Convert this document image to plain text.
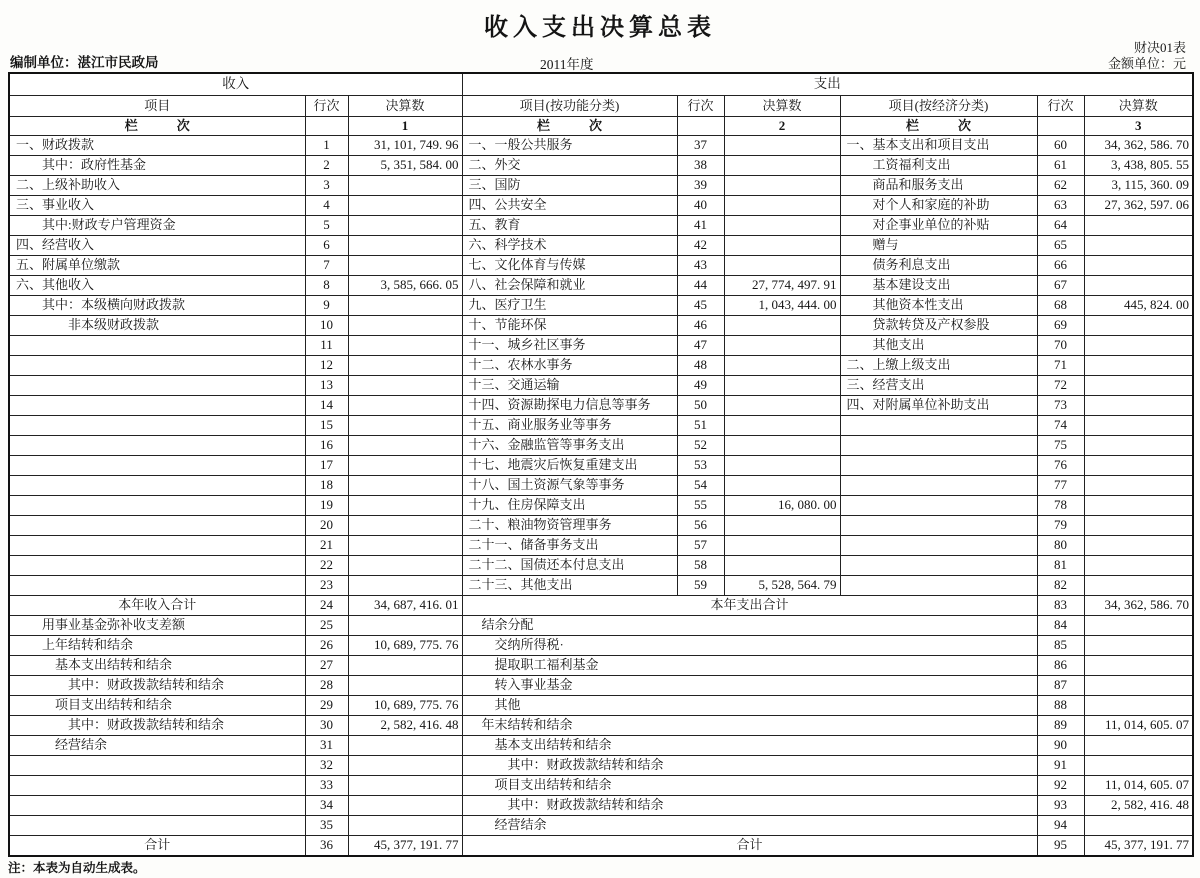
收入支出决算总表
财决01表
金额单位：元
编制单位：湛江市民政局	2011年度
收入			支出					
项目	行次	决算数	项目(按功能分类)	行次	决算数	项目(按经济分类)	行次	决算数
栏　　　次		1	栏　　　次		2	栏　　　次		3
一、财政拨款	1	31, 101, 749. 96	一、一般公共服务	37		一、基本支出和项目支出	60	34, 362, 586. 70
其中：政府性基金	2	5, 351, 584. 00	二、外交	38		工资福利支出	61	3, 438, 805. 55
二、上级补助收入	3		三、国防	39		商品和服务支出	62	3, 115, 360. 09
三、事业收入	4		四、公共安全	40		对个人和家庭的补助	63	27, 362, 597. 06
其中:财政专户管理资金	5		五、教育	41		对企事业单位的补贴	64	
四、经营收入	6		六、科学技术	42		赠与	65	
五、附属单位缴款	7		七、文化体育与传媒	43		债务利息支出	66	
六、其他收入	8	3, 585, 666. 05	八、社会保障和就业	44	27, 774, 497. 91	基本建设支出	67	
其中：本级横向财政拨款	9		九、医疗卫生	45	1, 043, 444. 00	其他资本性支出	68	445, 824. 00
非本级财政拨款	10		十、节能环保	46		贷款转贷及产权参股	69	
	11		十一、城乡社区事务	47		其他支出	70	
	12		十二、农林水事务	48		二、上缴上级支出	71	
	13		十三、交通运输	49		三、经营支出	72	
	14		十四、资源勘探电力信息等事务	50		四、对附属单位补助支出	73	
	15		十五、商业服务业等事务	51			74	
	16		十六、金融监管等事务支出	52			75	
	17		十七、地震灾后恢复重建支出	53			76	
	18		十八、国土资源气象等事务	54			77	
	19		十九、住房保障支出	55	16, 080. 00		78	
	20		二十、粮油物资管理事务	56			79	
	21		二十一、储备事务支出	57			80	
	22		二十二、国债还本付息支出	58			81	
	23		二十三、其他支出	59	5, 528, 564. 79		82	
本年收入合计	24	34, 687, 416. 01	本年支出合计				83	34, 362, 586. 70
用事业基金弥补收支差额	25		结余分配				84	
上年结转和结余	26	10, 689, 775. 76	交纳所得税·				85	
基本支出结转和结余	27		提取职工福利基金				86	
其中：财政拨款结转和结余	28		转入事业基金				87	
项目支出结转和结余	29	10, 689, 775. 76	其他				88	
其中：财政拨款结转和结余	30	2, 582, 416. 48	年末结转和结余				89	11, 014, 605. 07
经营结余	31		基本支出结转和结余				90	
	32		其中：财政拨款结转和结余				91	
	33		项目支出结转和结余				92	11, 014, 605. 07
	34		其中：财政拨款结转和结余				93	2, 582, 416. 48
	35		经营结余				94	
合计	36	45, 377, 191. 77	合计				95	45, 377, 191. 77
注：本表为自动生成表。
